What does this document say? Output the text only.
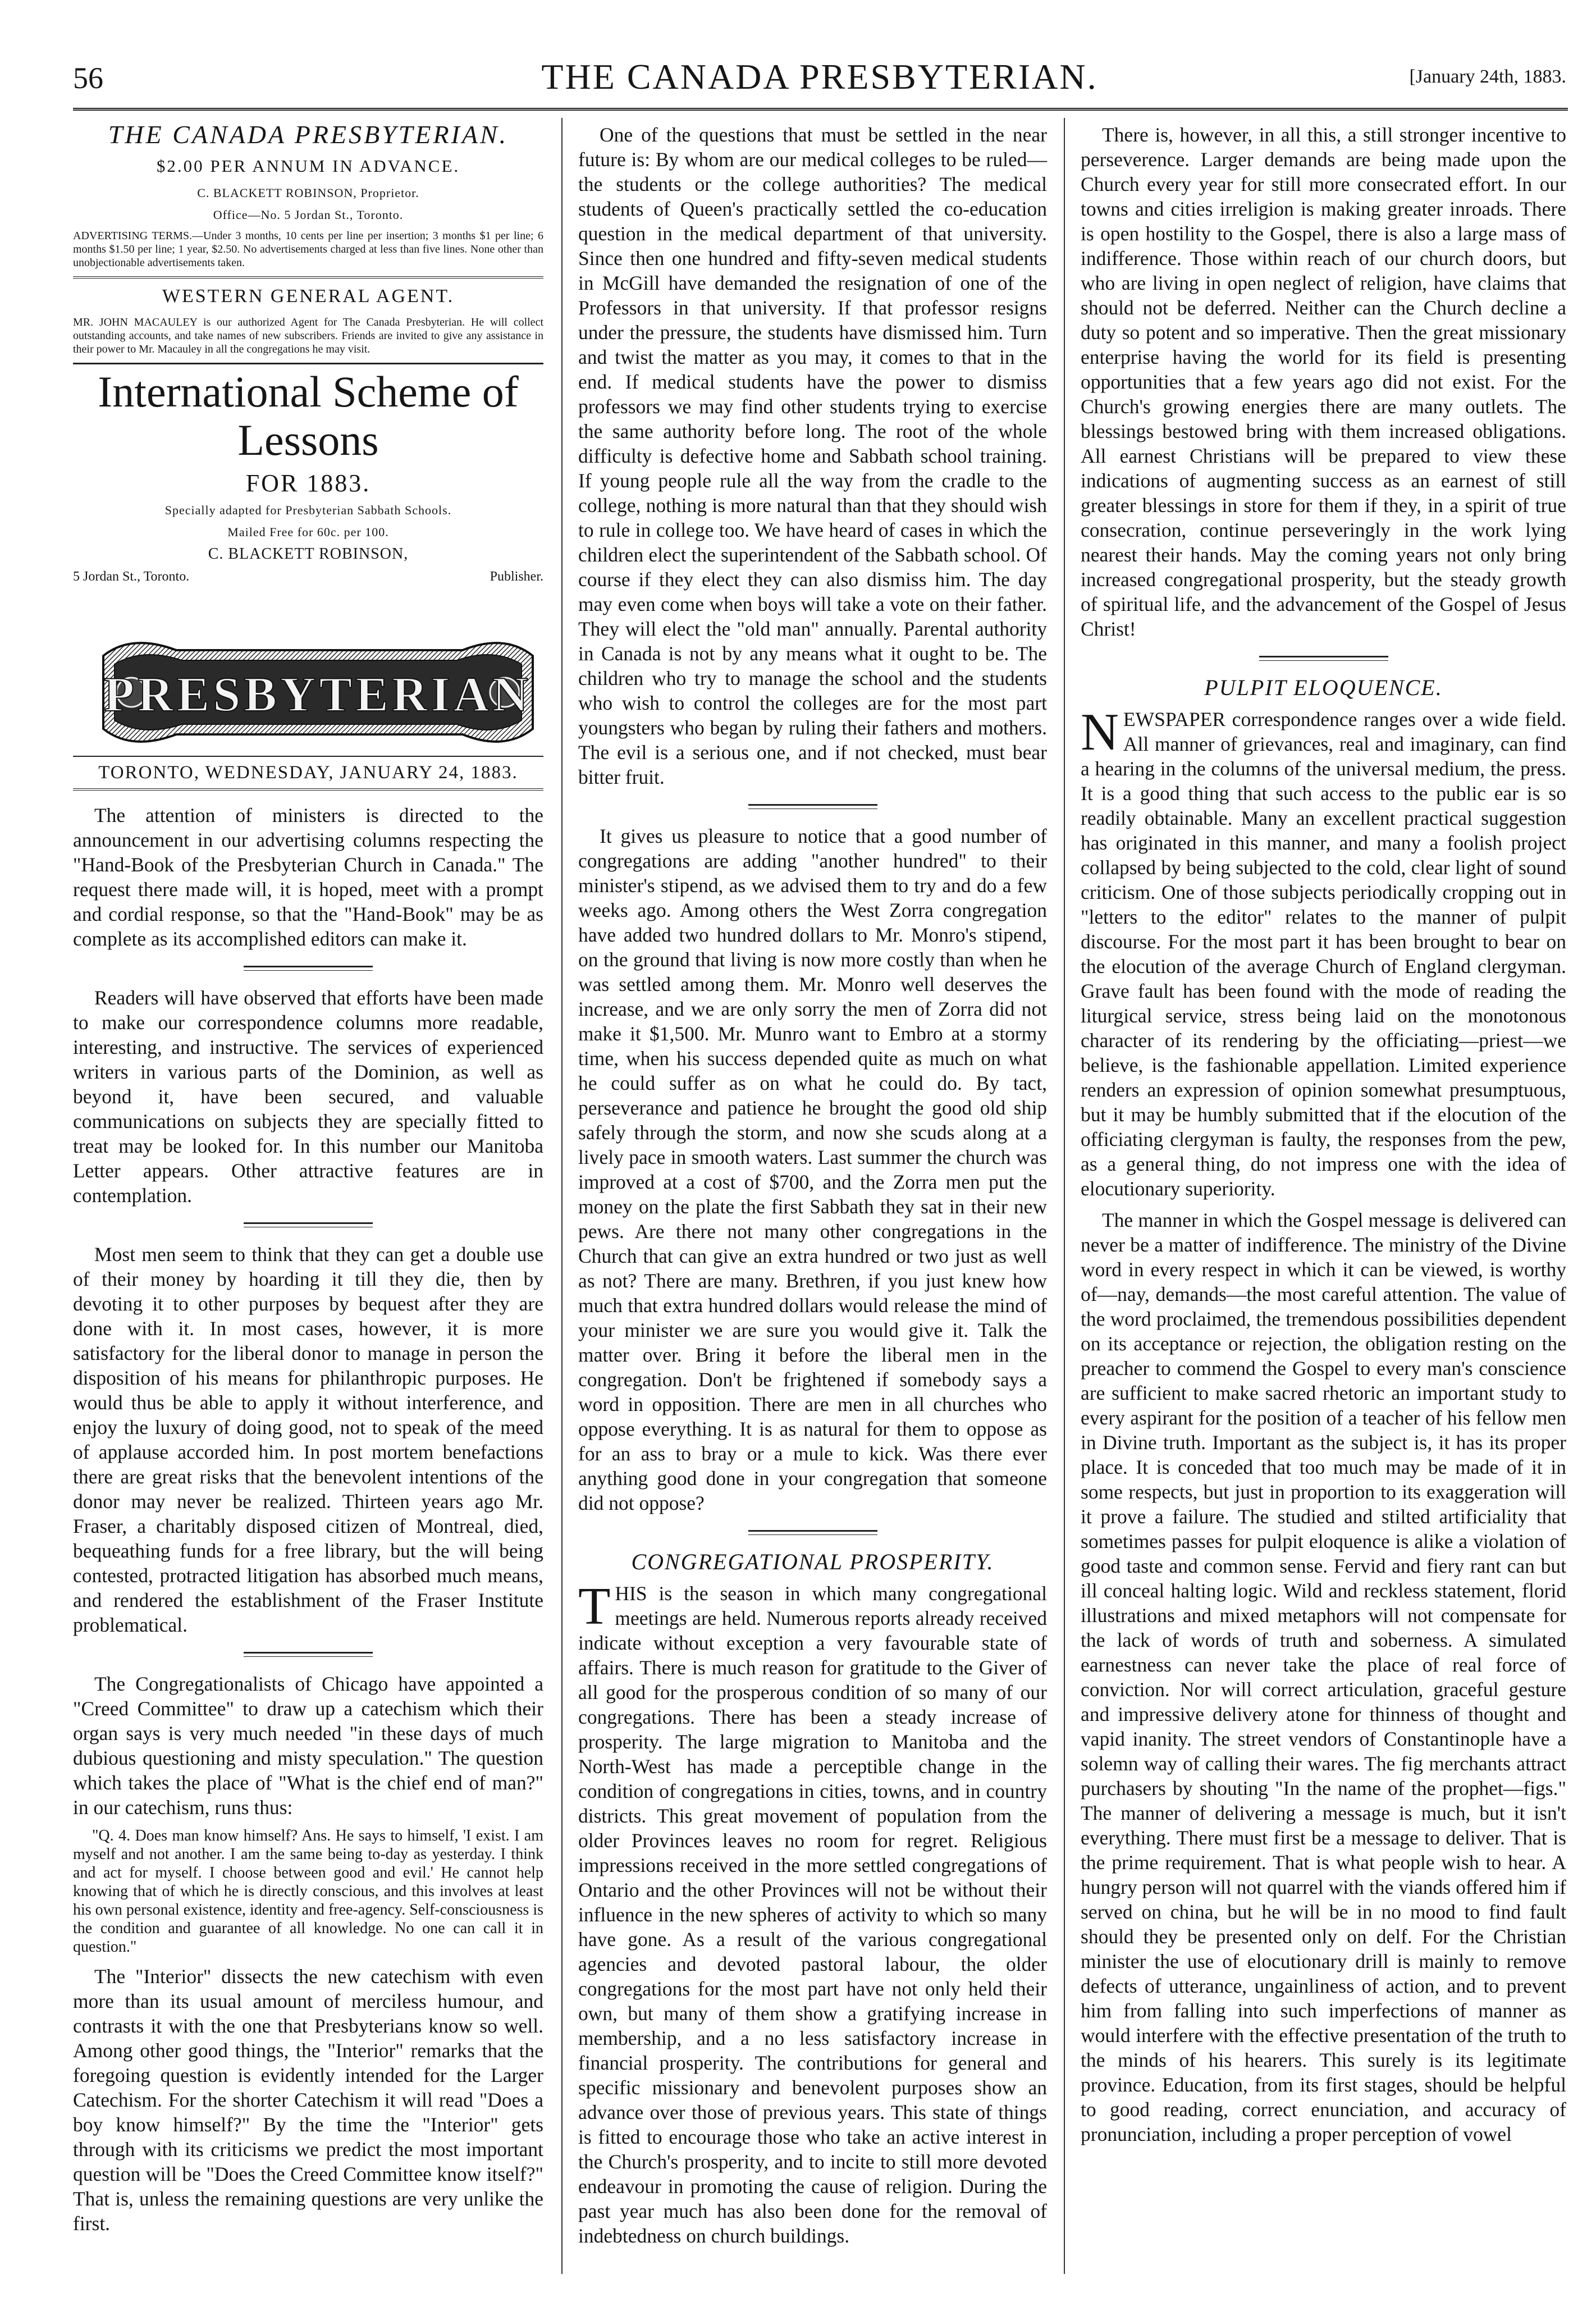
56	THE CANADA PRESBYTERIAN.	[January 24th, 1883.

THE CANADA PRESBYTERIAN.

$2.00 PER ANNUM IN ADVANCE.

C. BLACKETT ROBINSON, Proprietor.

Office—No. 5 Jordan St., Toronto.

ADVERTISING TERMS.—Under 3 months, 10 cents per line per insertion; 3 months $1 per line; 6 months $1.50 per line; 1 year, $2.50. No advertisements charged at less than five lines. None other than unobjectionable advertisements taken.

WESTERN GENERAL AGENT.

MR. JOHN MACAULEY is our authorized Agent for The Canada Presbyterian. He will collect outstanding accounts, and take names of new subscribers. Friends are invited to give any assistance in their power to Mr. Macauley in all the congregations he may visit.

International Scheme of Lessons

FOR 1883.

Specially adapted for Presbyterian Sabbath Schools.

Mailed Free for 60c. per 100.

C. BLACKETT ROBINSON,

5 Jordan St., Toronto.	Publisher.
PRESBYTERIAN
TORONTO, WEDNESDAY, JANUARY 24, 1883.

The attention of ministers is directed to the announcement in our advertising columns respecting the "Hand-Book of the Presbyterian Church in Canada." The request there made will, it is hoped, meet with a prompt and cordial response, so that the "Hand-Book" may be as complete as its accomplished editors can make it.

Readers will have observed that efforts have been made to make our correspondence columns more readable, interesting, and instructive. The services of experienced writers in various parts of the Dominion, as well as beyond it, have been secured, and valuable communications on subjects they are specially fitted to treat may be looked for. In this number our Manitoba Letter appears. Other attractive features are in contemplation.

Most men seem to think that they can get a double use of their money by hoarding it till they die, then by devoting it to other purposes by bequest after they are done with it. In most cases, however, it is more satisfactory for the liberal donor to manage in person the disposition of his means for philanthropic purposes. He would thus be able to apply it without interference, and enjoy the luxury of doing good, not to speak of the meed of applause accorded him. In post mortem benefactions there are great risks that the benevolent intentions of the donor may never be realized. Thirteen years ago Mr. Fraser, a charitably disposed citizen of Montreal, died, bequeathing funds for a free library, but the will being contested, protracted litigation has absorbed much means, and rendered the establishment of the Fraser Institute problematical.

The Congregationalists of Chicago have appointed a "Creed Committee" to draw up a catechism which their organ says is very much needed "in these days of much dubious questioning and misty speculation." The question which takes the place of "What is the chief end of man?" in our catechism, runs thus:

"Q. 4. Does man know himself? Ans. He says to himself, 'I exist. I am myself and not another. I am the same being to-day as yesterday. I think and act for myself. I choose between good and evil.' He cannot help knowing that of which he is directly conscious, and this involves at least his own personal existence, identity and free-agency. Self-consciousness is the condition and guarantee of all knowledge. No one can call it in question."

The "Interior" dissects the new catechism with even more than its usual amount of merciless humour, and contrasts it with the one that Presbyterians know so well. Among other good things, the "Interior" remarks that the foregoing question is evidently intended for the Larger Catechism. For the shorter Catechism it will read "Does a boy know himself?" By the time the "Interior" gets through with its criticisms we predict the most important question will be "Does the Creed Committee know itself?" That is, unless the remaining questions are very unlike the first.

One of the questions that must be settled in the near future is: By whom are our medical colleges to be ruled—the students or the college authorities? The medical students of Queen's practically settled the co-education question in the medical department of that university. Since then one hundred and fifty-seven medical students in McGill have demanded the resignation of one of the Professors in that university. If that professor resigns under the pressure, the students have dismissed him. Turn and twist the matter as you may, it comes to that in the end. If medical students have the power to dismiss professors we may find other students trying to exercise the same authority before long. The root of the whole difficulty is defective home and Sabbath school training. If young people rule all the way from the cradle to the college, nothing is more natural than that they should wish to rule in college too. We have heard of cases in which the children elect the superintendent of the Sabbath school. Of course if they elect they can also dismiss him. The day may even come when boys will take a vote on their father. They will elect the "old man" annually. Parental authority in Canada is not by any means what it ought to be. The children who try to manage the school and the students who wish to control the colleges are for the most part youngsters who began by ruling their fathers and mothers. The evil is a serious one, and if not checked, must bear bitter fruit.

It gives us pleasure to notice that a good number of congregations are adding "another hundred" to their minister's stipend, as we advised them to try and do a few weeks ago. Among others the West Zorra congregation have added two hundred dollars to Mr. Monro's stipend, on the ground that living is now more costly than when he was settled among them. Mr. Monro well deserves the increase, and we are only sorry the men of Zorra did not make it $1,500. Mr. Munro want to Embro at a stormy time, when his success depended quite as much on what he could suffer as on what he could do. By tact, perseverance and patience he brought the good old ship safely through the storm, and now she scuds along at a lively pace in smooth waters. Last summer the church was improved at a cost of $700, and the Zorra men put the money on the plate the first Sabbath they sat in their new pews. Are there not many other congregations in the Church that can give an extra hundred or two just as well as not? There are many. Brethren, if you just knew how much that extra hundred dollars would release the mind of your minister we are sure you would give it. Talk the matter over. Bring it before the liberal men in the congregation. Don't be frightened if somebody says a word in opposition. There are men in all churches who oppose everything. It is as natural for them to oppose as for an ass to bray or a mule to kick. Was there ever anything good done in your congregation that someone did not oppose?

CONGREGATIONAL PROSPERITY.

THIS is the season in which many congregational meetings are held. Numerous reports already received indicate without exception a very favourable state of affairs. There is much reason for gratitude to the Giver of all good for the prosperous condition of so many of our congregations. There has been a steady increase of prosperity. The large migration to Manitoba and the North-West has made a perceptible change in the condition of congregations in cities, towns, and in country districts. This great movement of population from the older Provinces leaves no room for regret. Religious impressions received in the more settled congregations of Ontario and the other Provinces will not be without their influence in the new spheres of activity to which so many have gone. As a result of the various congregational agencies and devoted pastoral labour, the older congregations for the most part have not only held their own, but many of them show a gratifying increase in membership, and a no less satisfactory increase in financial prosperity. The contributions for general and specific missionary and benevolent purposes show an advance over those of previous years. This state of things is fitted to encourage those who take an active interest in the Church's prosperity, and to incite to still more devoted endeavour in promoting the cause of religion. During the past year much has also been done for the removal of indebtedness on church buildings.

There is, however, in all this, a still stronger incentive to perseverence. Larger demands are being made upon the Church every year for still more consecrated effort. In our towns and cities irreligion is making greater inroads. There is open hostility to the Gospel, there is also a large mass of indifference. Those within reach of our church doors, but who are living in open neglect of religion, have claims that should not be deferred. Neither can the Church decline a duty so potent and so imperative. Then the great missionary enterprise having the world for its field is presenting opportunities that a few years ago did not exist. For the Church's growing energies there are many outlets. The blessings bestowed bring with them increased obligations. All earnest Christians will be prepared to view these indications of augmenting success as an earnest of still greater blessings in store for them if they, in a spirit of true consecration, continue perseveringly in the work lying nearest their hands. May the coming years not only bring increased congregational prosperity, but the steady growth of spiritual life, and the advancement of the Gospel of Jesus Christ!

PULPIT ELOQUENCE.

NEWSPAPER correspondence ranges over a wide field. All manner of grievances, real and imaginary, can find a hearing in the columns of the universal medium, the press. It is a good thing that such access to the public ear is so readily obtainable. Many an excellent practical suggestion has originated in this manner, and many a foolish project collapsed by being subjected to the cold, clear light of sound criticism. One of those subjects periodically cropping out in "letters to the editor" relates to the manner of pulpit discourse. For the most part it has been brought to bear on the elocution of the average Church of England clergyman. Grave fault has been found with the mode of reading the liturgical service, stress being laid on the monotonous character of its rendering by the officiating—priest—we believe, is the fashionable appellation. Limited experience renders an expression of opinion somewhat presumptuous, but it may be humbly submitted that if the elocution of the officiating clergyman is faulty, the responses from the pew, as a general thing, do not impress one with the idea of elocutionary superiority.

The manner in which the Gospel message is delivered can never be a matter of indifference. The ministry of the Divine word in every respect in which it can be viewed, is worthy of—nay, demands—the most careful attention. The value of the word proclaimed, the tremendous possibilities dependent on its acceptance or rejection, the obligation resting on the preacher to commend the Gospel to every man's conscience are sufficient to make sacred rhetoric an important study to every aspirant for the position of a teacher of his fellow men in Divine truth. Important as the subject is, it has its proper place. It is conceded that too much may be made of it in some respects, but just in proportion to its exaggeration will it prove a failure. The studied and stilted artificiality that sometimes passes for pulpit eloquence is alike a violation of good taste and common sense. Fervid and fiery rant can but ill conceal halting logic. Wild and reckless statement, florid illustrations and mixed metaphors will not compensate for the lack of words of truth and soberness. A simulated earnestness can never take the place of real force of conviction. Nor will correct articulation, graceful gesture and impressive delivery atone for thinness of thought and vapid inanity. The street vendors of Constantinople have a solemn way of calling their wares. The fig merchants attract purchasers by shouting "In the name of the prophet—figs." The manner of delivering a message is much, but it isn't everything. There must first be a message to deliver. That is the prime requirement. That is what people wish to hear. A hungry person will not quarrel with the viands offered him if served on china, but he will be in no mood to find fault should they be presented only on delf. For the Christian minister the use of elocutionary drill is mainly to remove defects of utterance, ungainliness of action, and to prevent him from falling into such imperfections of manner as would interfere with the effective presentation of the truth to the minds of his hearers. This surely is its legitimate province. Education, from its first stages, should be helpful to good reading, correct enunciation, and accuracy of pronunciation, including a proper perception of vowel
